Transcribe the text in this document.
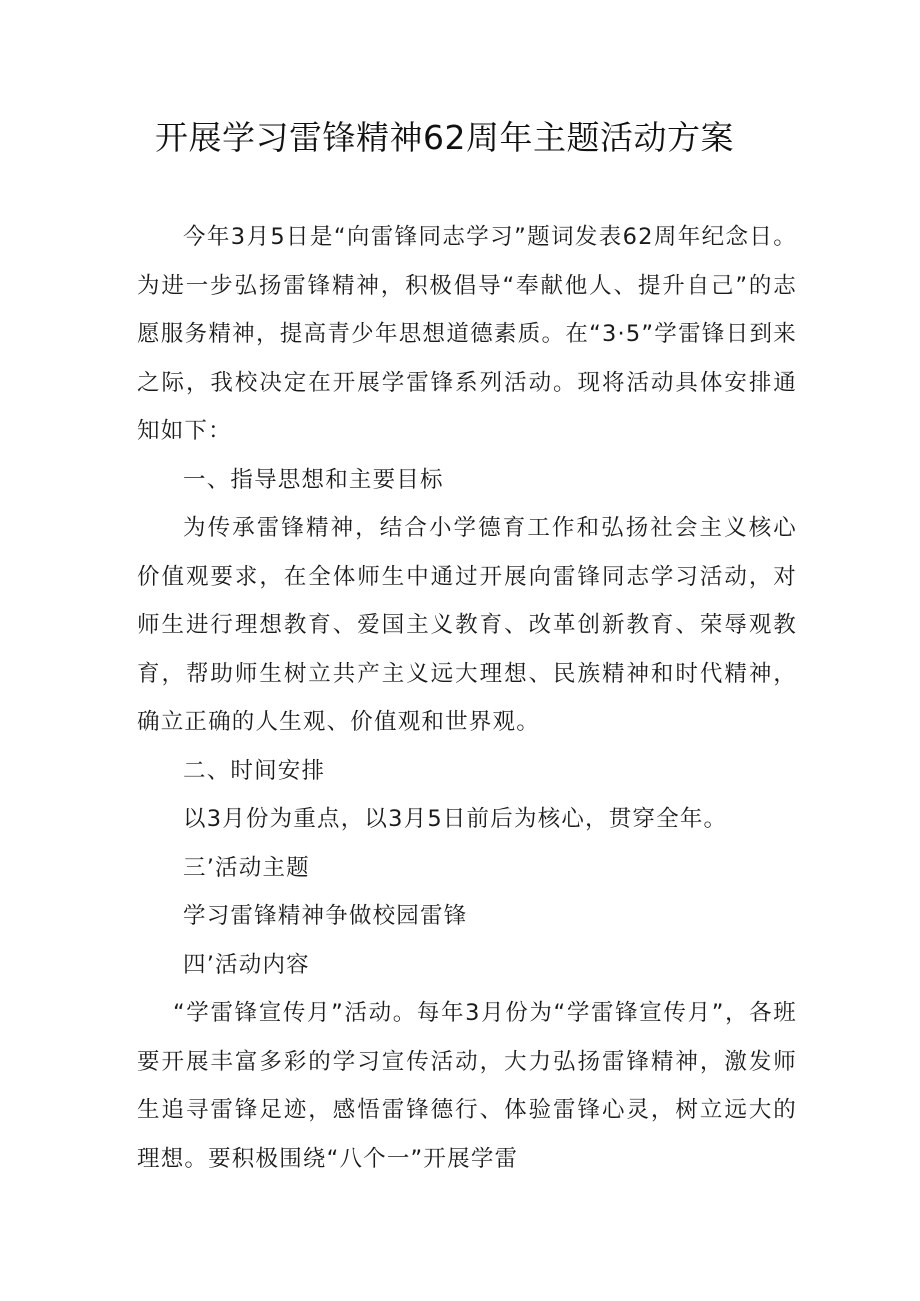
开展学习雷锋精神62周年主题活动方案

今年3月5日是“向雷锋同志学习”题词发表62周年纪念日。为进一步弘扬雷锋精神，积极倡导“奉献他人、提升自己”的志愿服务精神，提高青少年思想道德素质。在“3·5”学雷锋日到来之际，我校决定在开展学雷锋系列活动。现将活动具体安排通知如下：

一、指导思想和主要目标

为传承雷锋精神，结合小学德育工作和弘扬社会主义核心价值观要求，在全体师生中通过开展向雷锋同志学习活动，对师生进行理想教育、爱国主义教育、改革创新教育、荣辱观教育，帮助师生树立共产主义远大理想、民族精神和时代精神，确立正确的人生观、价值观和世界观。

二、时间安排

以3月份为重点，以3月5日前后为核心，贯穿全年。

三’活动主题

学习雷锋精神争做校园雷锋

四’活动内容

“学雷锋宣传月”活动。每年3月份为“学雷锋宣传月”，各班要开展丰富多彩的学习宣传活动，大力弘扬雷锋精神，激发师生追寻雷锋足迹，感悟雷锋德行、体验雷锋心灵，树立远大的理想。要积极围绕“八个一”开展学雷
